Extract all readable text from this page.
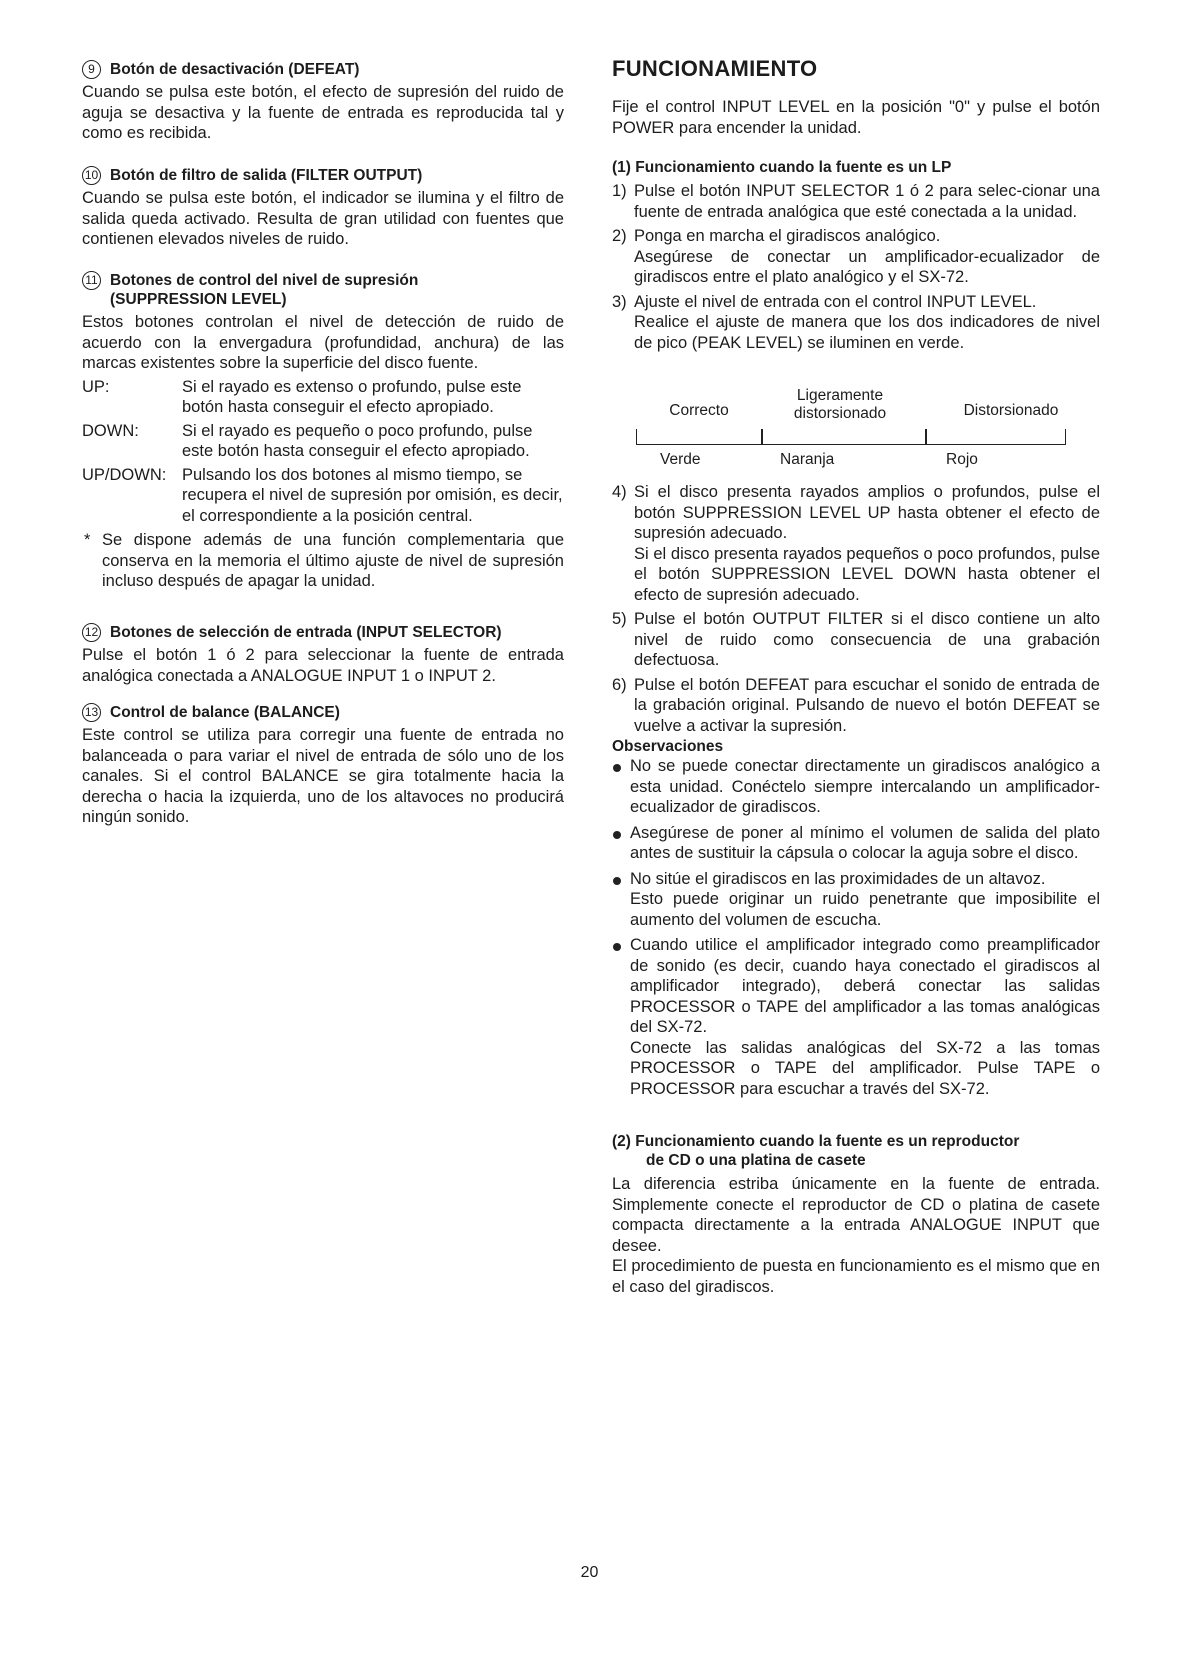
9 Botón de desactivación (DEFEAT)

Cuando se pulsa este botón, el efecto de supresión del ruido de aguja se desactiva y la fuente de entrada es reproducida tal y como es recibida.

10 Botón de filtro de salida (FILTER OUTPUT)

Cuando se pulsa este botón, el indicador se ilumina y el filtro de salida queda activado. Resulta de gran utilidad con fuentes que contienen elevados niveles de ruido.

11 Botones de control del nivel de supresión
(SUPPRESSION LEVEL)

Estos botones controlan el nivel de detección de ruido de acuerdo con la envergadura (profundidad, anchura) de las marcas existentes sobre la superficie del disco fuente.

UP:	Si el rayado es extenso o profundo, pulse este botón hasta conseguir el efecto apropiado.
DOWN:	Si el rayado es pequeño o poco profundo, pulse este botón hasta conseguir el efecto apropiado.
UP/DOWN: Pulsando los dos botones al mismo tiempo, se recupera el nivel de supresión por omisión, es decir, el correspondiente a la posición central.
* Se dispone además de una función complementaria que conserva en la memoria el último ajuste de nivel de supresión incluso después de apagar la unidad.

12 Botones de selección de entrada (INPUT SELECTOR)

Pulse el botón 1 ó 2 para seleccionar la fuente de entrada analógica conectada a ANALOGUE INPUT 1 o INPUT 2.

13 Control de balance (BALANCE)

Este control se utiliza para corregir una fuente de entrada no balanceada o para variar el nivel de entrada de sólo uno de los canales. Si el control BALANCE se gira totalmente hacia la derecha o hacia la izquierda, uno de los altavoces no producirá ningún sonido.

FUNCIONAMIENTO

Fije el control INPUT LEVEL en la posición "0" y pulse el botón POWER para encender la unidad.

(1) Funcionamiento cuando la fuente es un LP
1) Pulse el botón INPUT SELECTOR 1 ó 2 para selec-cionar una fuente de entrada analógica que esté conectada a la unidad.
2) Ponga en marcha el giradiscos analógico.
Asegúrese de conectar un amplificador-ecualizador de giradiscos entre el plato analógico y el SX-72.
3) Ajuste el nivel de entrada con el control INPUT LEVEL.
Realice el ajuste de manera que los dos indicadores de nivel de pico (PEAK LEVEL) se iluminen en verde.
Correcto
Ligeramente
distorsionado	Distorsionado
Verde	Naranja	Rojo
4) Si el disco presenta rayados amplios o profundos, pulse el botón SUPPRESSION LEVEL UP hasta obtener el efecto de supresión adecuado.
Si el disco presenta rayados pequeños o poco profundos, pulse el botón SUPPRESSION LEVEL DOWN hasta obtener el efecto de supresión adecuado.
5) Pulse el botón OUTPUT FILTER si el disco contiene un alto nivel de ruido como consecuencia de una grabación defectuosa.
6) Pulse el botón DEFEAT para escuchar el sonido de entrada de la grabación original. Pulsando de nuevo el botón DEFEAT se vuelve a activar la supresión.
Observaciones
No se puede conectar directamente un giradiscos analógico a esta unidad. Conéctelo siempre intercalando un amplificador-ecualizador de giradiscos.
Asegúrese de poner al mínimo el volumen de salida del plato antes de sustituir la cápsula o colocar la aguja sobre el disco.
No sitúe el giradiscos en las proximidades de un altavoz.
Esto puede originar un ruido penetrante que imposibilite el aumento del volumen de escucha.
Cuando utilice el amplificador integrado como preamplificador de sonido (es decir, cuando haya conectado el giradiscos al amplificador integrado), deberá conectar las salidas PROCESSOR o TAPE del amplificador a las tomas analógicas del SX-72.
Conecte las salidas analógicas del SX-72 a las tomas PROCESSOR o TAPE del amplificador. Pulse TAPE o PROCESSOR para escuchar a través del SX-72.
(2) Funcionamiento cuando la fuente es un reproductor
de CD o una platina de casete

La diferencia estriba únicamente en la fuente de entrada. Simplemente conecte el reproductor de CD o platina de casete compacta directamente a la entrada ANALOGUE INPUT que desee.

El procedimiento de puesta en funcionamiento es el mismo que en el caso del giradiscos.

20
